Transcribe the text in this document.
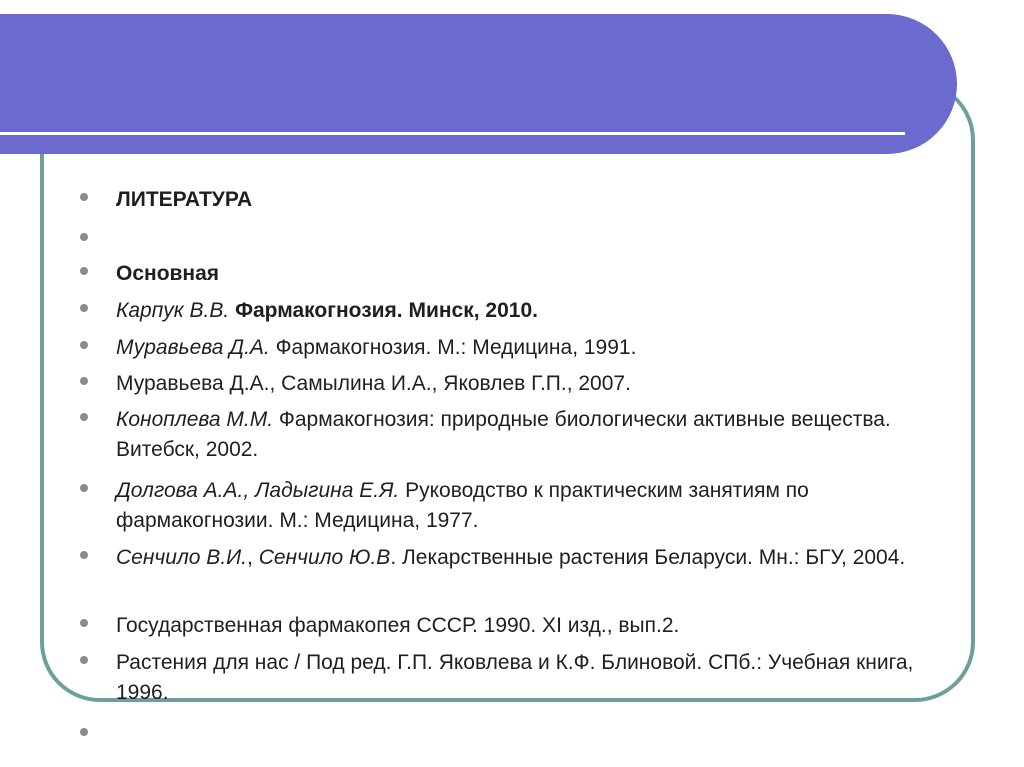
ЛИТЕРАТУРА
Основная
Карпук В.В. Фармакогнозия. Минск, 2010.
Муравьева Д.А. Фармакогнозия. М.: Медицина, 1991.
Муравьева Д.А., Самылина И.А., Яковлев Г.П., 2007.
Коноплева М.М. Фармакогнозия: природные биологически активные вещества. Витебск, 2002.
Долгова А.А., Ладыгина Е.Я. Руководство к практическим занятиям по фармакогнозии. М.: Медицина, 1977.
Сенчило В.И., Сенчило Ю.В. Лекарственные растения Беларуси. Мн.: БГУ, 2004.
Государственная фармакопея СССР. 1990. XI изд., вып.2.
Растения для нас / Под ред. Г.П. Яковлева и К.Ф. Блиновой. СПб.: Учебная книга, 1996.
